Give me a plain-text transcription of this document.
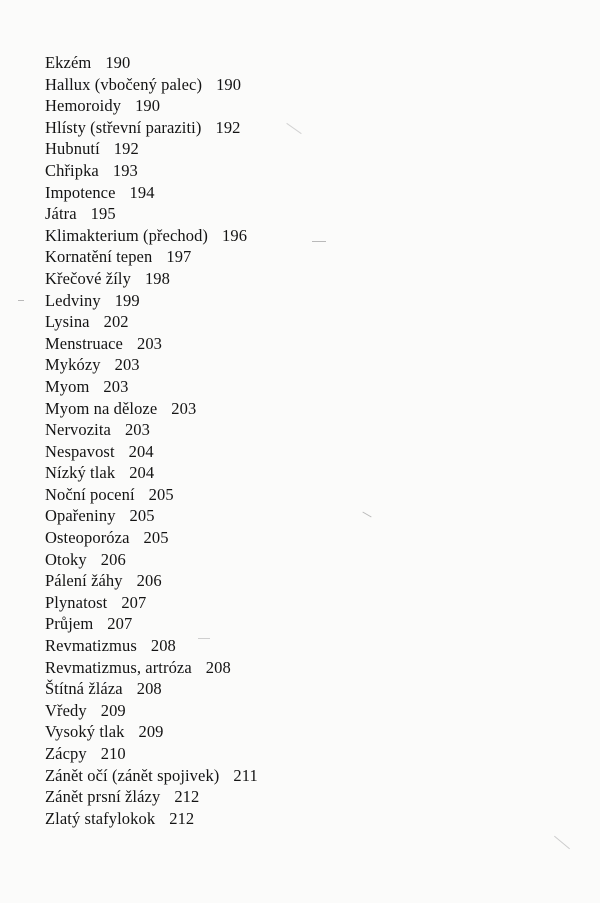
Ekzém 190
Hallux (vbočený palec) 190
Hemoroidy 190
Hlísty (střevní paraziti) 192
Hubnutí 192
Chřipka 193
Impotence 194
Játra 195
Klimakterium (přechod) 196
Kornatění tepen 197
Křečové žíly 198
Ledviny 199
Lysina 202
Menstruace 203
Mykózy 203
Myom 203
Myom na děloze 203
Nervozita 203
Nespavost 204
Nízký tlak 204
Noční pocení 205
Opařeniny 205
Osteoporóza 205
Otoky 206
Pálení žáhy 206
Plynatost 207
Průjem 207
Revmatizmus 208
Revmatizmus, artróza 208
Štítná žláza 208
Vředy 209
Vysoký tlak 209
Zácpy 210
Zánět očí (zánět spojivek) 211
Zánět prsní žlázy 212
Zlatý stafylokok 212
